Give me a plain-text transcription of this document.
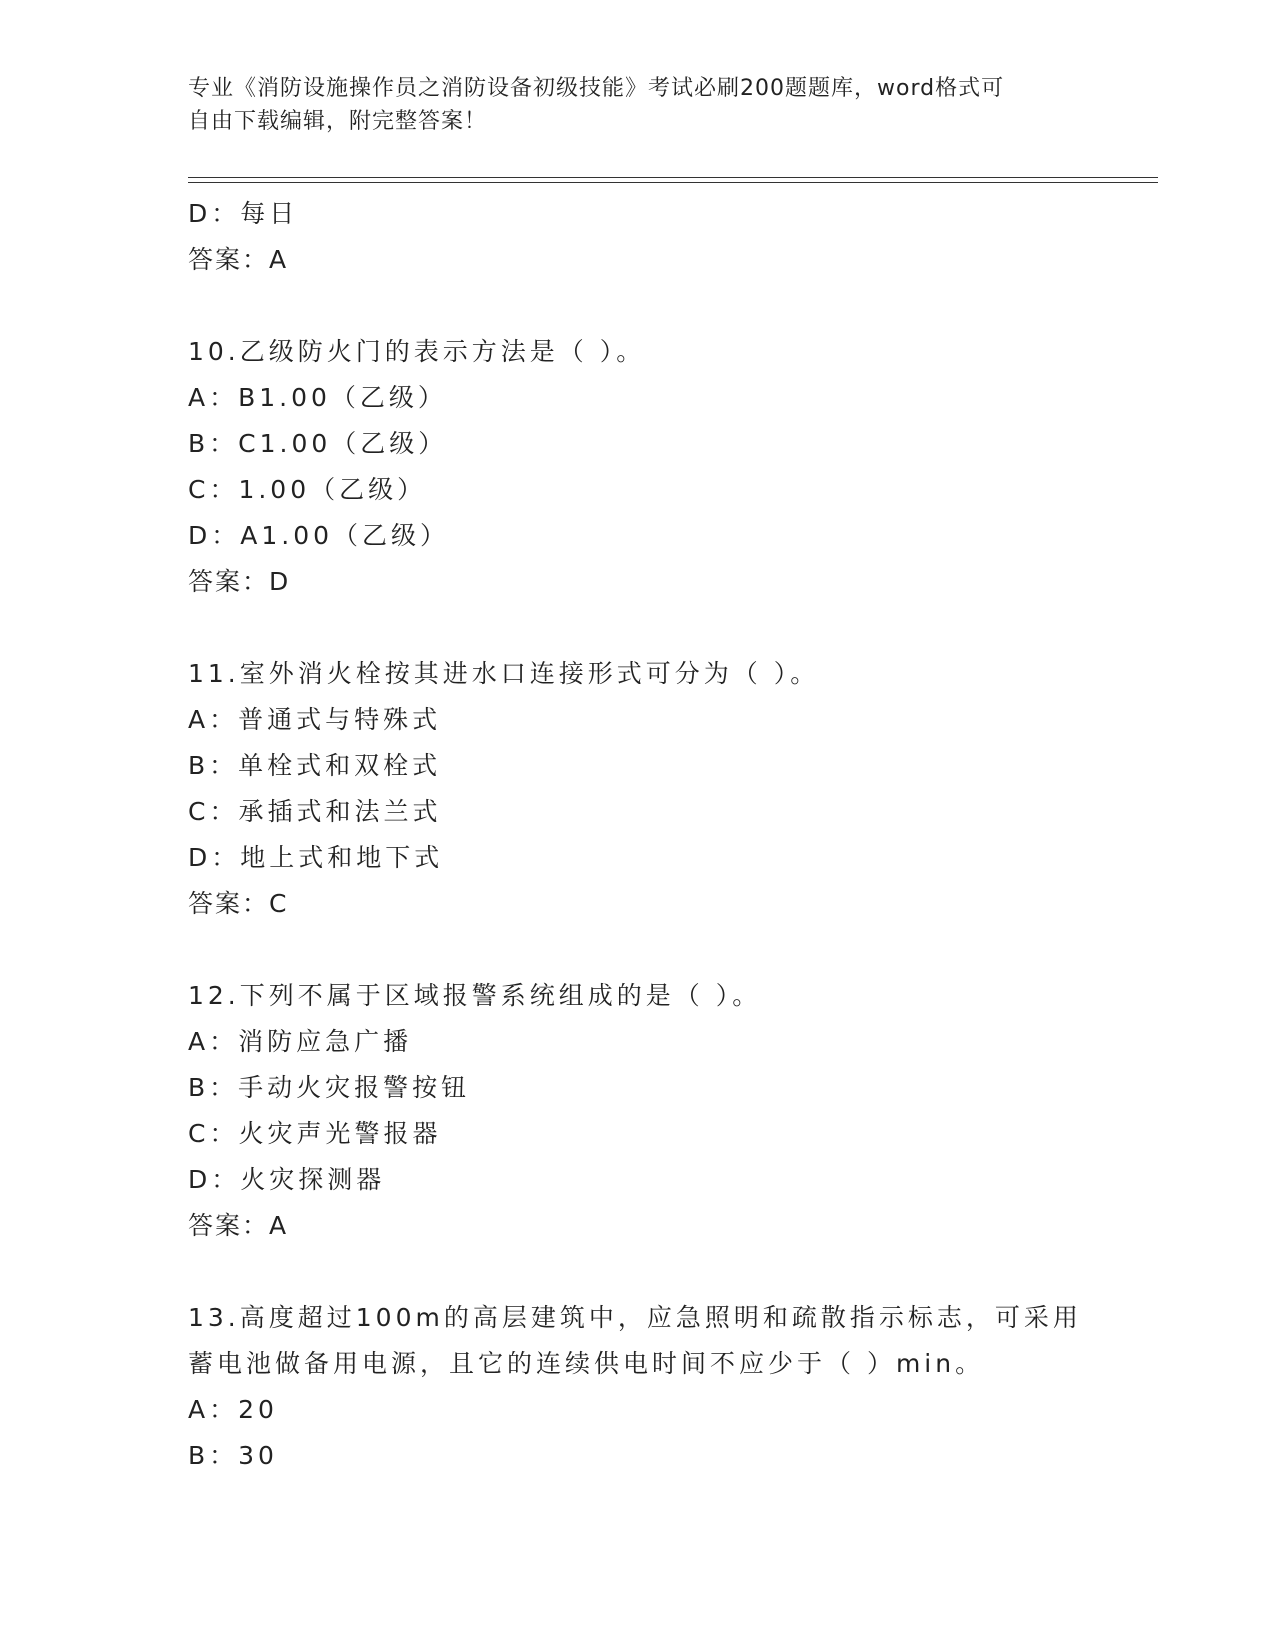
专业《消防设施操作员之消防设备初级技能》考试必刷200题题库，word格式可
自由下载编辑，附完整答案！
D：每日
答案：A
10.乙级防火门的表示方法是（ ）。
A：B1.00（乙级）
B：C1.00（乙级）
C：1.00（乙级）
D：A1.00（乙级）
答案：D
11.室外消火栓按其进水口连接形式可分为（ ）。
A：普通式与特殊式
B：单栓式和双栓式
C：承插式和法兰式
D：地上式和地下式
答案：C
12.下列不属于区域报警系统组成的是（ ）。
A：消防应急广播
B：手动火灾报警按钮
C：火灾声光警报器
D：火灾探测器
答案：A
13.高度超过100m的高层建筑中，应急照明和疏散指示标志，可采用
蓄电池做备用电源，且它的连续供电时间不应少于（ ）min。
A：20
B：30
